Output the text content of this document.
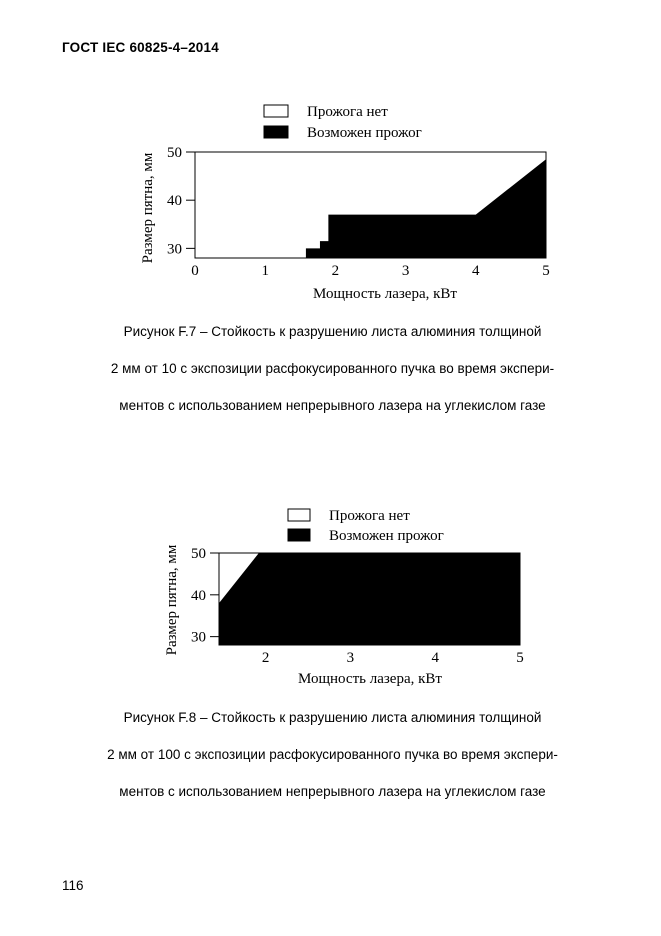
ГОСТ IEC 60825-4–2014
Прожога нет
Возможен прожог
30
40
50
0	1	2	3	4	5
Мощность лазера, кВт
Размер пятна, мм
Рисунок F.7 – Стойкость к разрушению листа алюминия толщиной
2 мм от 10 с экспозиции расфокусированного пучка во время экспери-
ментов с использованием непрерывного лазера на углекислом газе
Прожога нет
Возможен прожог
30
40
50
2	3	4	5
Мощность лазера, кВт
Размер пятна, мм
Рисунок F.8 – Стойкость к разрушению листа алюминия толщиной
2 мм от 100 с экспозиции расфокусированного пучка во время экспери-
ментов с использованием непрерывного лазера на углекислом газе
116
